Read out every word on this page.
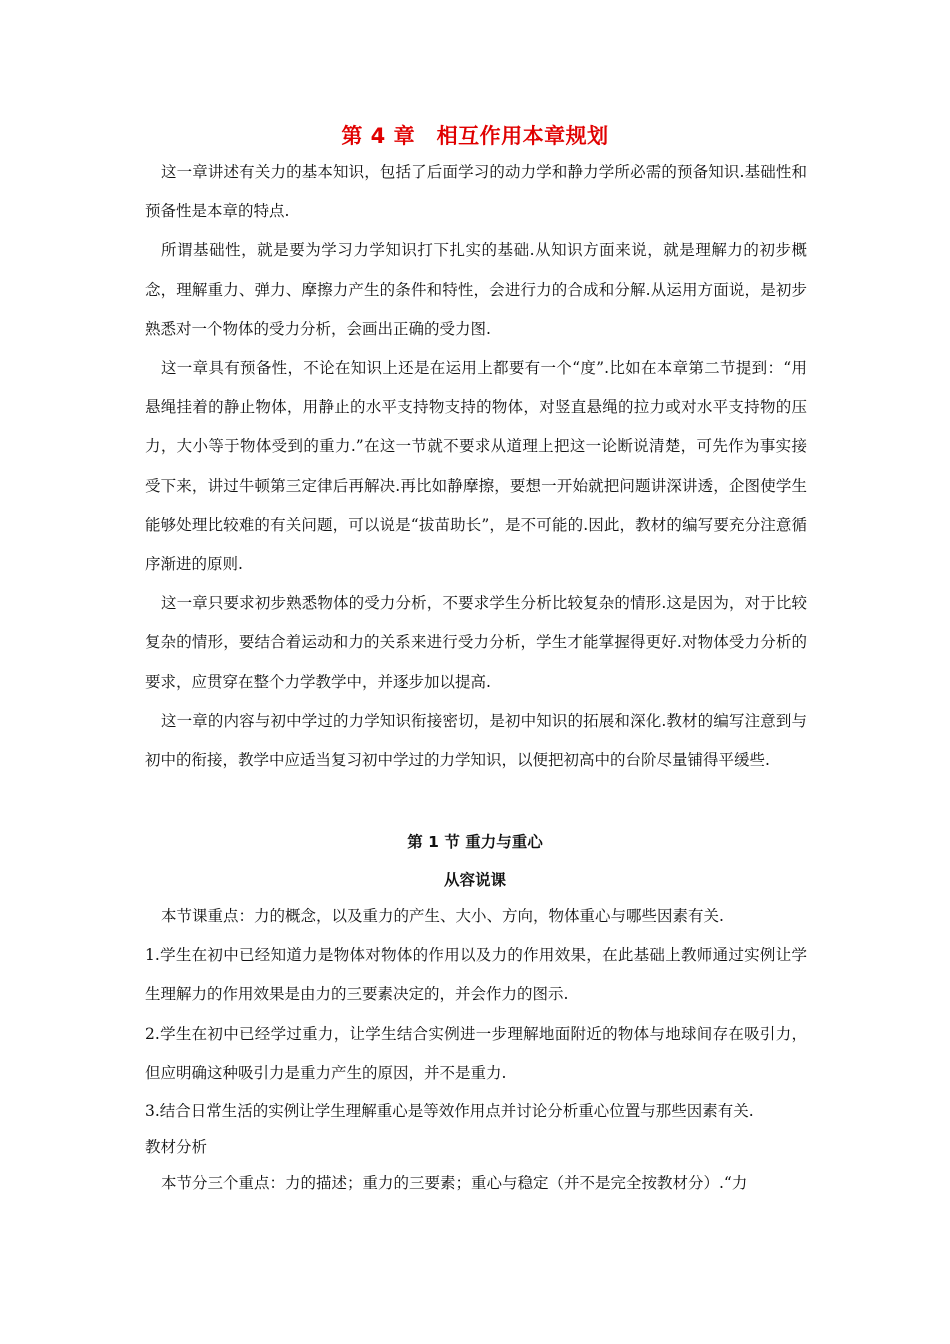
第 4 章　相互作用本章规划

这一章讲述有关力的基本知识，包括了后面学习的动力学和静力学所必需的预备知识.基础性和预备性是本章的特点.

所谓基础性，就是要为学习力学知识打下扎实的基础.从知识方面来说，就是理解力的初步概念，理解重力、弹力、摩擦力产生的条件和特性，会进行力的合成和分解.从运用方面说，是初步熟悉对一个物体的受力分析，会画出正确的受力图.

这一章具有预备性，不论在知识上还是在运用上都要有一个“度”.比如在本章第二节提到：“用悬绳挂着的静止物体，用静止的水平支持物支持的物体，对竖直悬绳的拉力或对水平支持物的压力，大小等于物体受到的重力.”在这一节就不要求从道理上把这一论断说清楚，可先作为事实接受下来，讲过牛顿第三定律后再解决.再比如静摩擦，要想一开始就把问题讲深讲透，企图使学生能够处理比较难的有关问题，可以说是“拔苗助长”，是不可能的.因此，教材的编写要充分注意循序渐进的原则.

这一章只要求初步熟悉物体的受力分析，不要求学生分析比较复杂的情形.这是因为，对于比较复杂的情形，要结合着运动和力的关系来进行受力分析，学生才能掌握得更好.对物体受力分析的要求，应贯穿在整个力学教学中，并逐步加以提高.

这一章的内容与初中学过的力学知识衔接密切，是初中知识的拓展和深化.教材的编写注意到与初中的衔接，教学中应适当复习初中学过的力学知识，以便把初高中的台阶尽量铺得平缓些.

第 1 节 重力与重心
从容说课

本节课重点：力的概念，以及重力的产生、大小、方向，物体重心与哪些因素有关.

1.学生在初中已经知道力是物体对物体的作用以及力的作用效果，在此基础上教师通过实例让学生理解力的作用效果是由力的三要素决定的，并会作力的图示.

2.学生在初中已经学过重力，让学生结合实例进一步理解地面附近的物体与地球间存在吸引力，但应明确这种吸引力是重力产生的原因，并不是重力.

3.结合日常生活的实例让学生理解重心是等效作用点并讨论分析重心位置与那些因素有关.

教材分析

本节分三个重点：力的描述；重力的三要素；重心与稳定（并不是完全按教材分）.“力
